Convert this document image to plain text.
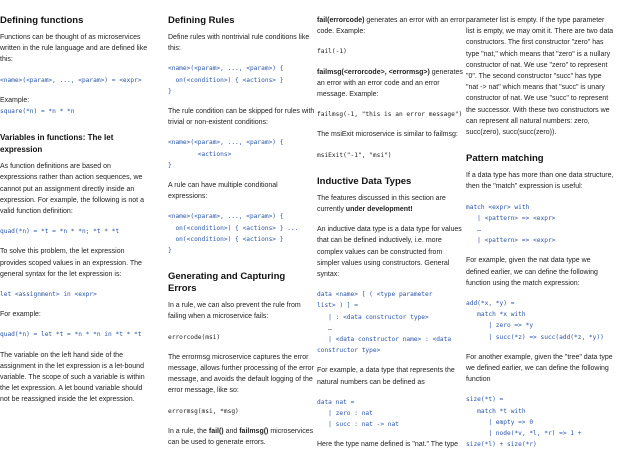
Defining functions

Functions can be thought of as microservices written in the rule language and are defined like this:

<name>(<param>, ..., <param>) = <expr>

Example:

square(*n) = *n * *n
Variables in functions: The let expression

As function definitions are based on expressions rather than action sequences, we cannot put an assignment directly inside an expression. For example, the following is not a valid function definition:

quad(*n) = *t = *n * *n; *t * *t

To solve this problem, the let expression provides scoped values in an expression. The general syntax for the let expression is:

let <assignment> in <expr>

For example:

quad(*n) = let *t = *n * *n in *t * *t

The variable on the left hand side of the assignment in the let expression is a let-bound variable. The scope of such a variable is within the let expression. A let bound variable should not be reassigned inside the let expression.

Defining Rules

Define rules with nontrivial rule conditions like this:

<name>(<param>, ..., <param>) {
on(<condition>) { <actions> }
}

The rule condition can be skipped for rules with trivial or non-existent conditions:

<name>(<param>, ..., <param>) {
<actions>
}

A rule can have multiple conditional expressions:

<name>(<param>, ..., <param>) {
on(<condition>) { <actions> } ...
on(<condition>) { <actions> }
}
Generating and Capturing Errors

In a rule, we can also prevent the rule from failing when a microservice fails:

errorcode(msi)

The errormsg microservice captures the error message, allows further processing of the error message, and avoids the default logging of the error message, like so:

errormsg(msi, *msg)

In a rule, the fail() and failmsg() microservices can be used to generate errors.

fail(errorcode) generates an error with an error code. Example:

fail(-1)

failmsg(<errorcode>, <errormsg>) generates an error with an error code and an error message. Example:

failmsg(-1, "this is an error message")

The msiExit microservice is similar to failmsg:

msiExit("-1", "msi")
Inductive Data Types

The features discussed in this section are currently under development!

An inductive data type is a data type for values that can be defined inductively, i.e. more complex values can be constructed from simpler values using constructors. General syntax:

data <name> [ ( <type parameter
list> ) ] =
| : <data constructor type>
…
| <data constructor name> : <data
constructor type>

For example, a data type that represents the natural numbers can be defined as

data nat =
| zero : nat
| succ : nat -> nat

Here the type name defined is "nat." The type

parameter list is empty. If the type parameter list is empty, we may omit it. There are two data constructors. The first constructor "zero" has type "nat," which means that "zero" is a nullary constructor of nat. We use "zero" to represent "0". The second constructor "succ" has type "nat -> nat" which means that "succ" is unary constructor of nat. We use "succ" to represent the successor. With these two constructors we can represent all natural numbers: zero, succ(zero), succ(succ(zero)).

Pattern matching

If a data type has more than one data structure, then the "match" expression is useful:

match <expr> with
| <pattern> => <expr>
…
| <pattern> => <expr>

For example, given the nat data type we defined earlier, we can define the following function using the match expression:

add(*x, *y) =
match *x with
| zero => *y
| succ(*z) => succ(add(*z, *y))

For another example, given the "tree" data type we defined earlier, we can define the following function

size(*t) =
match *t with
| empty => 0
| node(*v, *l, *r) => 1 +
size(*l) + size(*r)
